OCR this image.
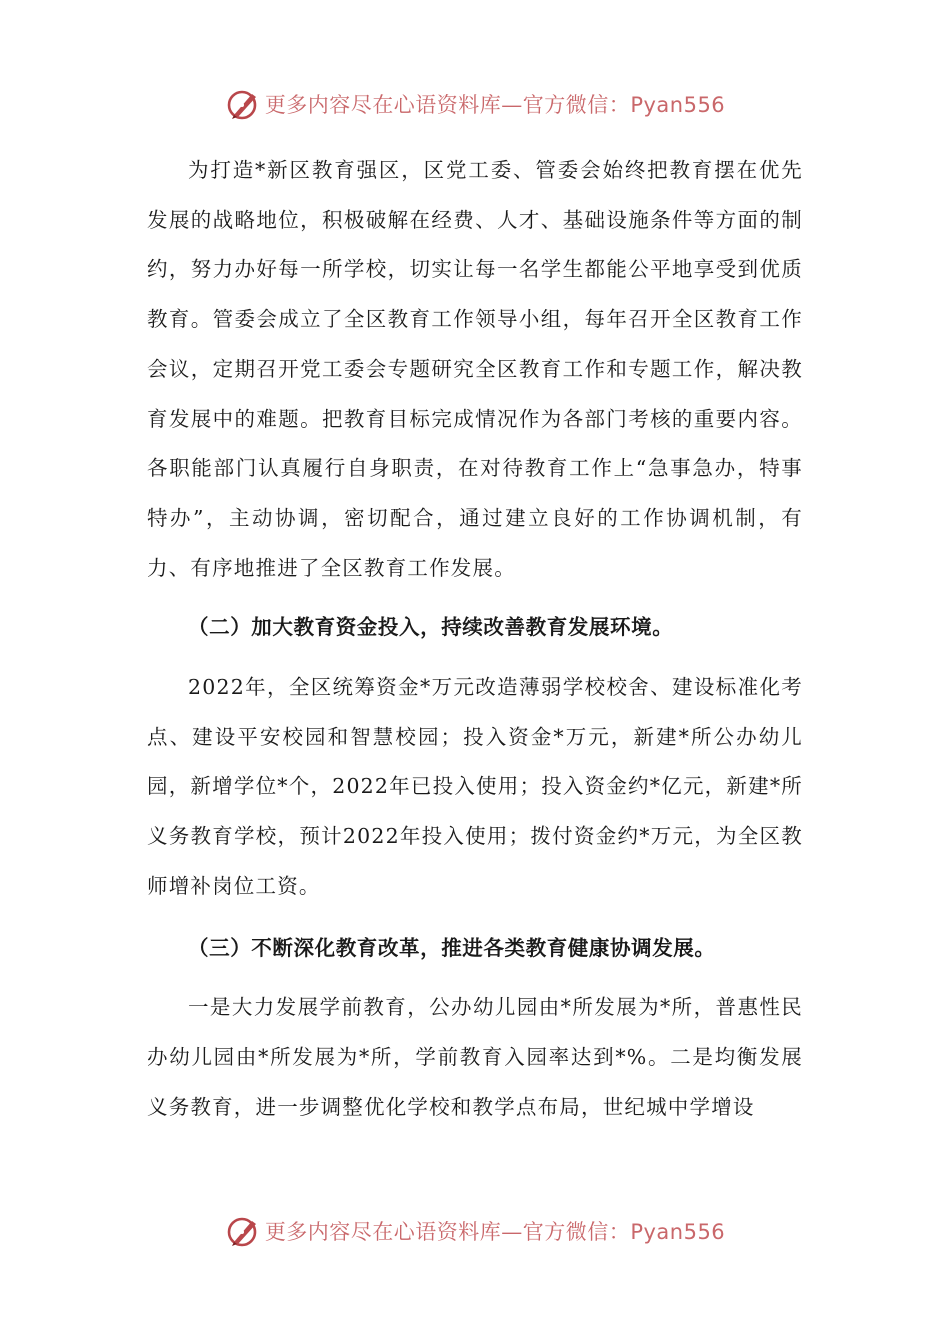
更多内容尽在心语资料库—官方微信：Pyan556

为打造*新区教育强区，区党工委、管委会始终把教育摆在优先发展的战略地位，积极破解在经费、人才、基础设施条件等方面的制约，努力办好每一所学校，切实让每一名学生都能公平地享受到优质教育。管委会成立了全区教育工作领导小组，每年召开全区教育工作会议，定期召开党工委会专题研究全区教育工作和专题工作，解决教育发展中的难题。把教育目标完成情况作为各部门考核的重要内容。各职能部门认真履行自身职责，在对待教育工作上“急事急办，特事特办”，主动协调，密切配合，通过建立良好的工作协调机制，有力、有序地推进了全区教育工作发展。

（二）加大教育资金投入，持续改善教育发展环境。

2022年，全区统筹资金*万元改造薄弱学校校舍、建设标准化考点、建设平安校园和智慧校园；投入资金*万元，新建*所公办幼儿园，新增学位*个，2022年已投入使用；投入资金约*亿元，新建*所义务教育学校，预计2022年投入使用；拨付资金约*万元，为全区教师增补岗位工资。

（三）不断深化教育改革，推进各类教育健康协调发展。

一是大力发展学前教育，公办幼儿园由*所发展为*所，普惠性民办幼儿园由*所发展为*所，学前教育入园率达到*%。二是均衡发展义务教育，进一步调整优化学校和教学点布局，世纪城中学增设

更多内容尽在心语资料库—官方微信：Pyan556
